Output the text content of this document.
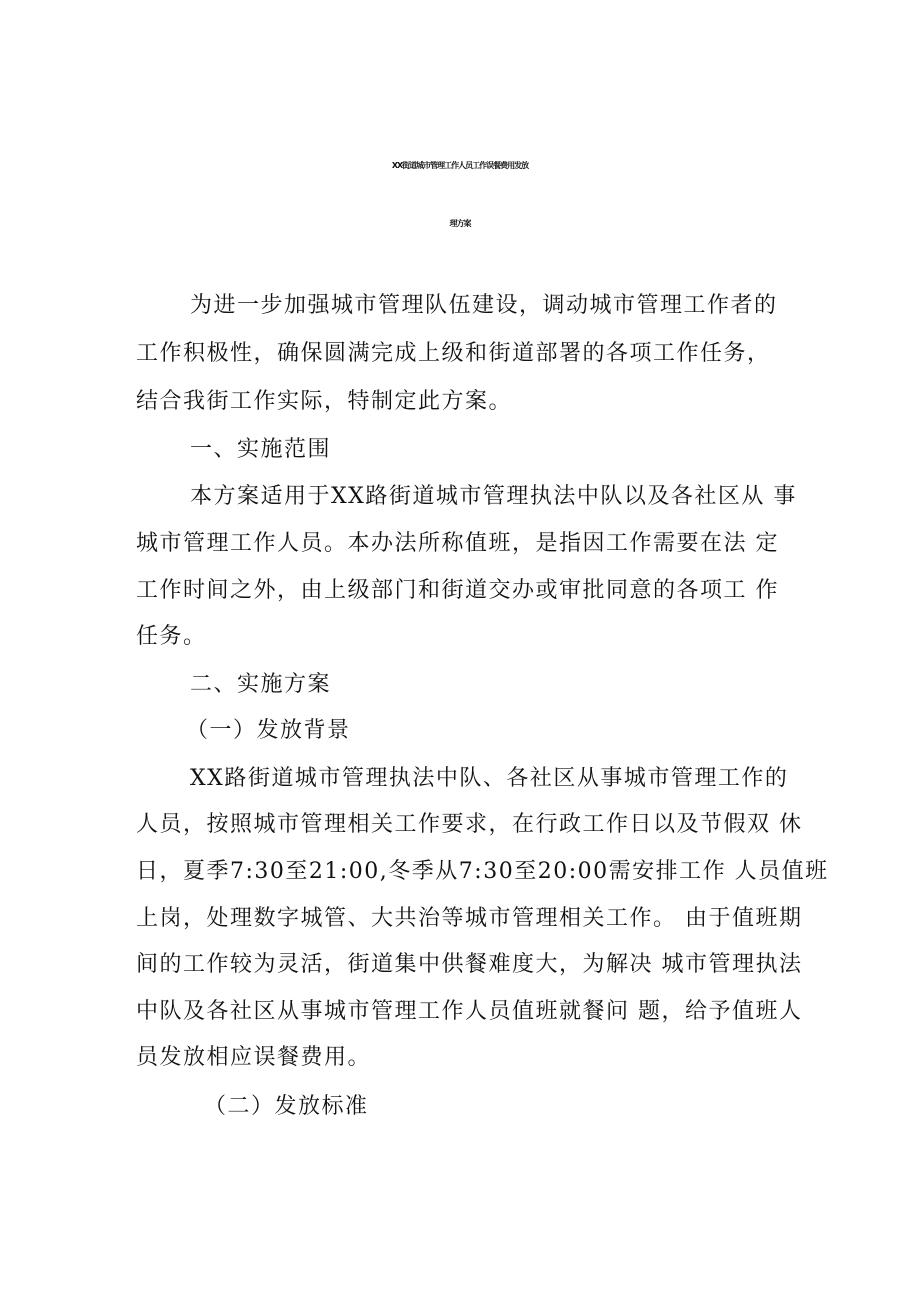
XX街道城市管理工作人员工作误餐费用发放
理方案

为进一步加强城市管理队伍建设，调动城市管理工作者的

工作积极性，确保圆满完成上级和街道部署的各项工作任务，

结合我街工作实际，特制定此方案。

一、实施范围

本方案适用于XX路街道城市管理执法中队以及各社区从 事

城市管理工作人员。本办法所称值班，是指因工作需要在法 定

工作时间之外，由上级部门和街道交办或审批同意的各项工 作

任务。

二、实施方案

（一）发放背景

XX路街道城市管理执法中队、各社区从事城市管理工作的

人员，按照城市管理相关工作要求，在行政工作日以及节假双 休

日，夏季7:30至21:00,冬季从7:30至20:00需安排工作 人员值班

上岗，处理数字城管、大共治等城市管理相关工作。 由于值班期

间的工作较为灵活，街道集中供餐难度大，为解决 城市管理执法

中队及各社区从事城市管理工作人员值班就餐问 题，给予值班人

员发放相应误餐费用。

（二）发放标准
